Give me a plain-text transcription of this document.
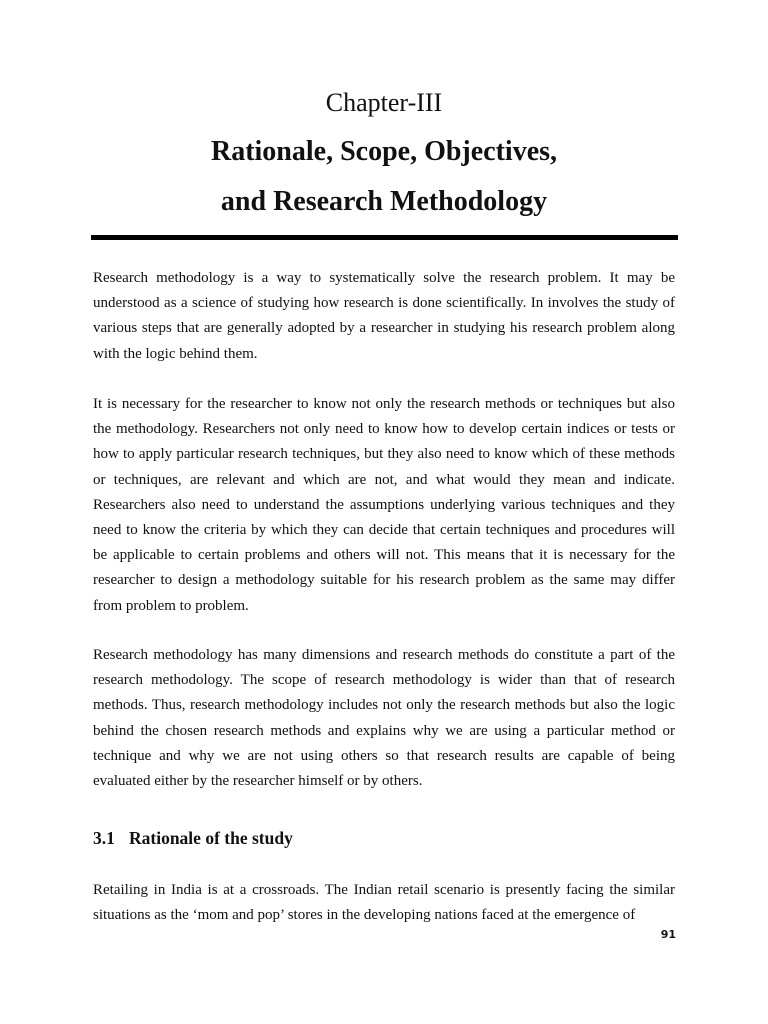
Chapter-III
Rationale, Scope, Objectives,
and Research Methodology

Research methodology is a way to systematically solve the research problem. It may be understood as a science of studying how research is done scientifically. In involves the study of various steps that are generally adopted by a researcher in studying his research problem along with the logic behind them.

It is necessary for the researcher to know not only the research methods or techniques but also the methodology. Researchers not only need to know how to develop certain indices or tests or how to apply particular research techniques, but they also need to know which of these methods or techniques, are relevant and which are not, and what would they mean and indicate. Researchers also need to understand the assumptions underlying various techniques and they need to know the criteria by which they can decide that certain techniques and procedures will be applicable to certain problems and others will not. This means that it is necessary for the researcher to design a methodology suitable for his research problem as the same may differ from problem to problem.

Research methodology has many dimensions and research methods do constitute a part of the research methodology. The scope of research methodology is wider than that of research methods. Thus, research methodology includes not only the research methods but also the logic behind the chosen research methods and explains why we are using a particular method or technique and why we are not using others so that research results are capable of being evaluated either by the researcher himself or by others.

3.1 Rationale of the study

Retailing in India is at a crossroads. The Indian retail scenario is presently facing the similar situations as the ‘mom and pop’ stores in the developing nations faced at the emergence of

91
